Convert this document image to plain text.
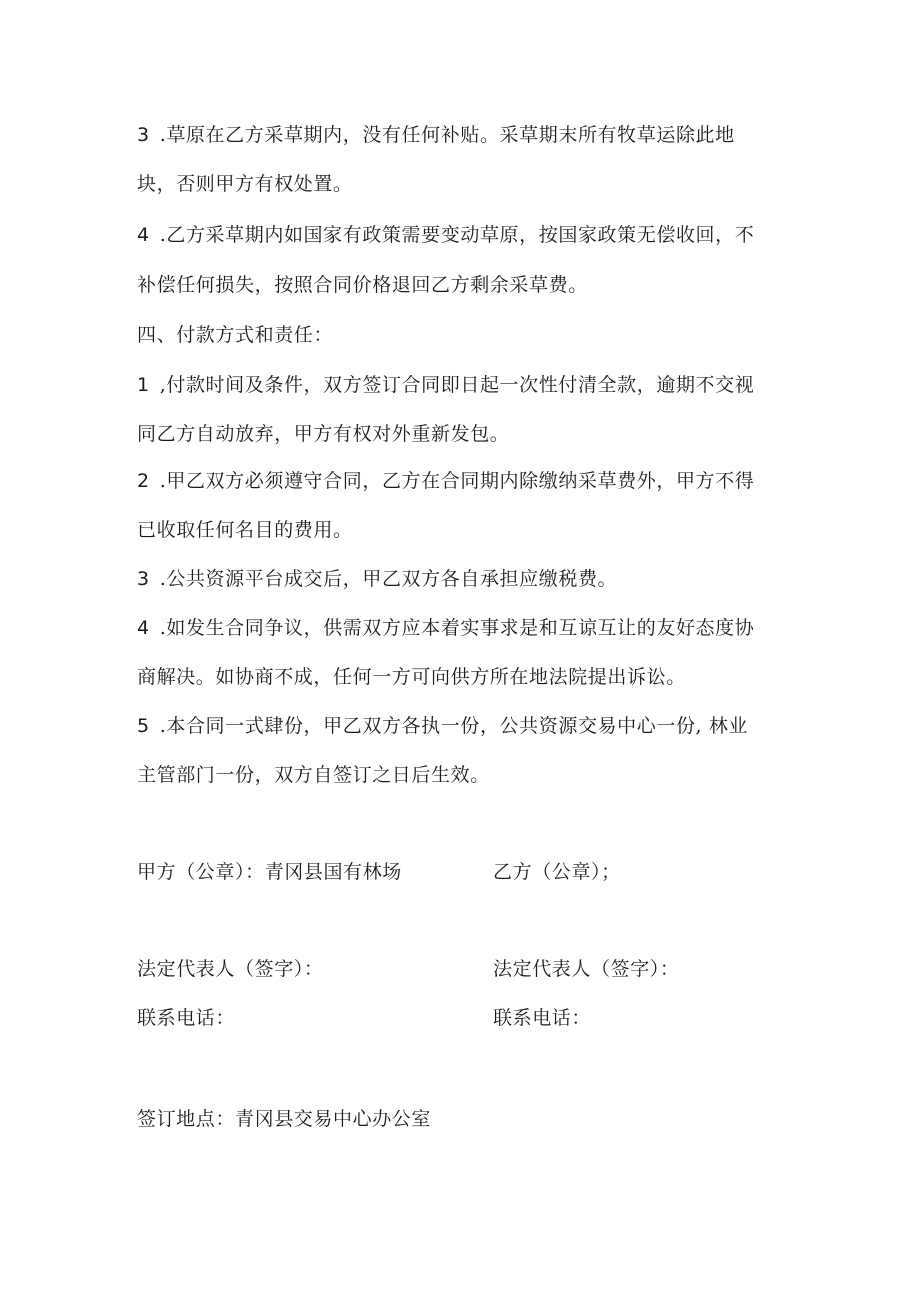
3 .草原在乙方采草期内，没有任何补贴。采草期末所有牧草运除此地
块，否则甲方有权处置。
4 .乙方采草期内如国家有政策需要变动草原，按国家政策无偿收回，不
补偿任何损失，按照合同价格退回乙方剩余采草费。
四、付款方式和责任：
1 ,付款时间及条件，双方签订合同即日起一次性付清全款，逾期不交视
同乙方自动放弃，甲方有权对外重新发包。
2 .甲乙双方必须遵守合同，乙方在合同期内除缴纳采草费外，甲方不得
已收取任何名目的费用。
3 .公共资源平台成交后，甲乙双方各自承担应缴税费。
4 .如发生合同争议，供需双方应本着实事求是和互谅互让的友好态度协
商解决。如协商不成，任何一方可向供方所在地法院提出诉讼。
5 .本合同一式肆份，甲乙双方各执一份，公共资源交易中心一份, 林业
主管部门一份，双方自签订之日后生效。
甲方（公章）：青冈县国有林场	乙方（公章）；
法定代表人（签字）：	法定代表人（签字）：
联系电话：	联系电话：
签订地点：青冈县交易中心办公室
